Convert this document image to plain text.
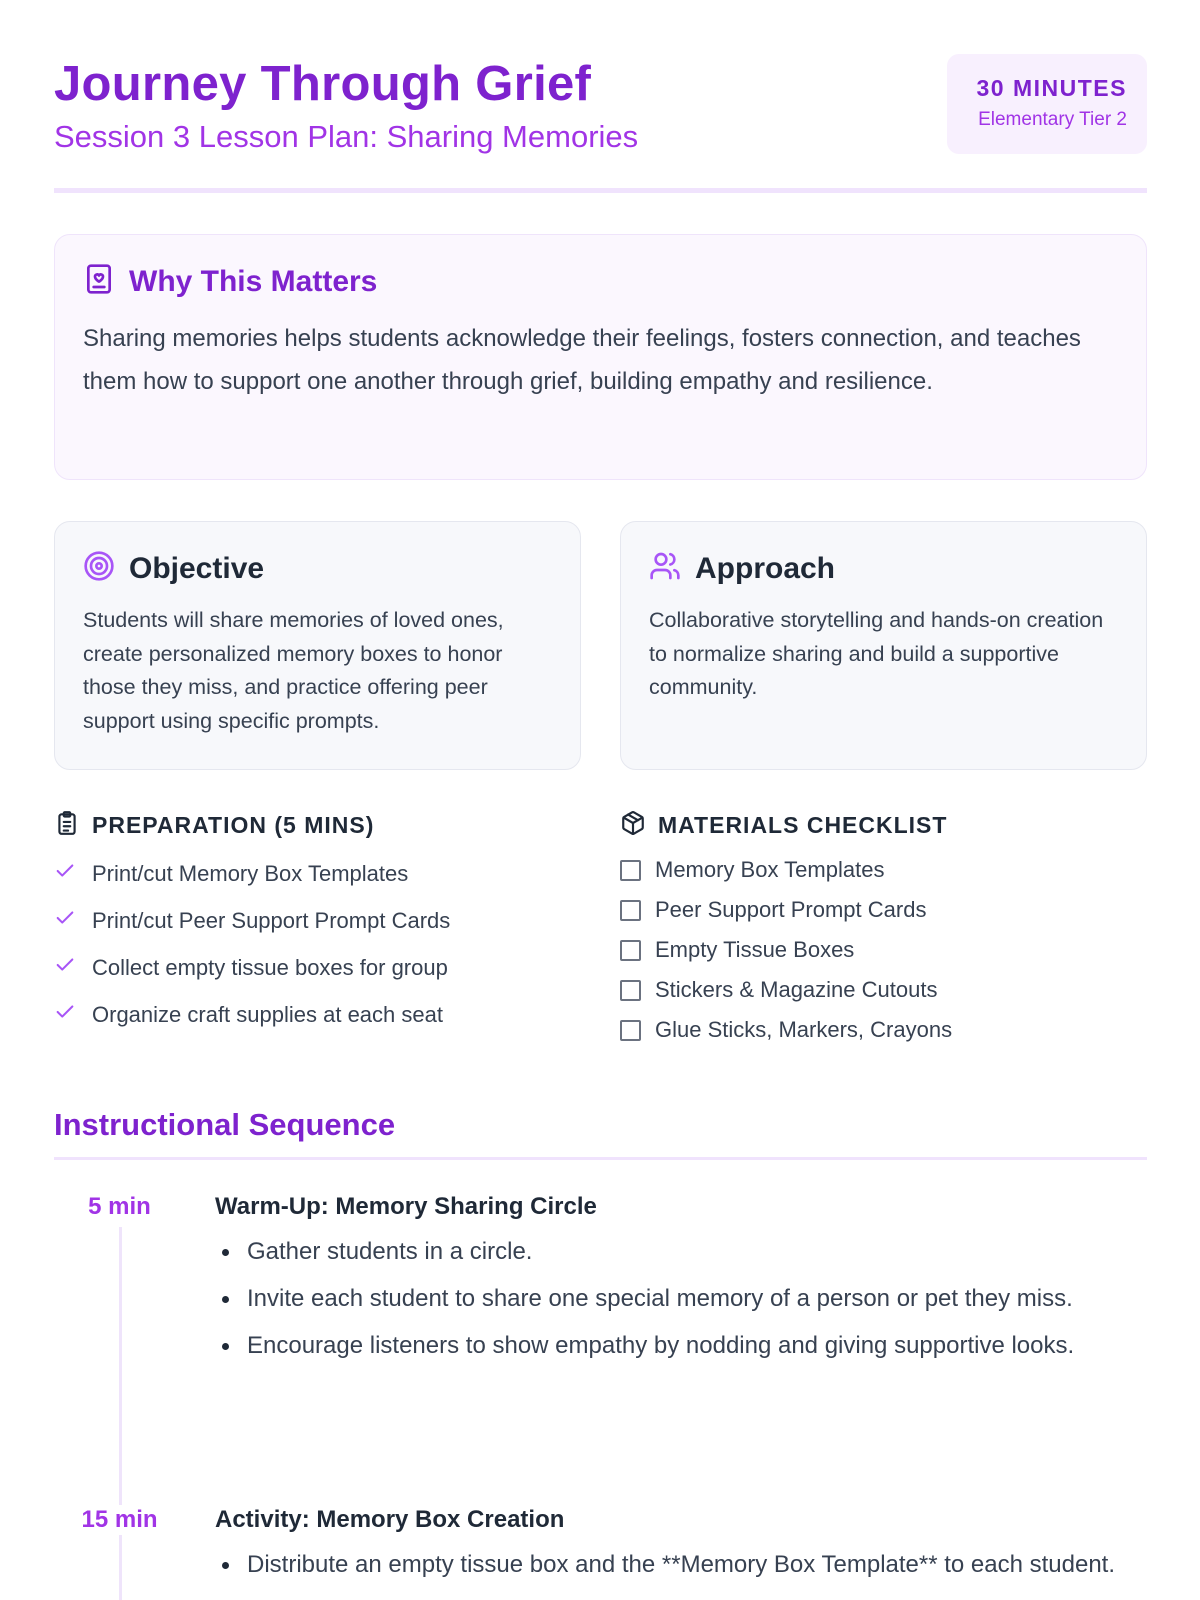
Journey Through Grief
Session 3 Lesson Plan: Sharing Memories
30 MINUTES
Elementary Tier 2
Why This Matters
Sharing memories helps students acknowledge their feelings, fosters connection, and teaches them how to support one another through grief, building empathy and resilience.
Objective
Students will share memories of loved ones, create personalized memory boxes to honor those they miss, and practice offering peer support using specific prompts.
Approach
Collaborative storytelling and hands-on creation to normalize sharing and build a supportive community.
PREPARATION (5 MINS)
Print/cut Memory Box Templates
Print/cut Peer Support Prompt Cards
Collect empty tissue boxes for group
Organize craft supplies at each seat
MATERIALS CHECKLIST
Memory Box Templates
Peer Support Prompt Cards
Empty Tissue Boxes
Stickers & Magazine Cutouts
Glue Sticks, Markers, Crayons
Instructional Sequence
5 min	Warm-Up: Memory Sharing Circle
Gather students in a circle.
Invite each student to share one special memory of a person or pet they miss.
Encourage listeners to show empathy by nodding and giving supportive looks.
15 min	Activity: Memory Box Creation
Distribute an empty tissue box and the **Memory Box Template** to each student.
